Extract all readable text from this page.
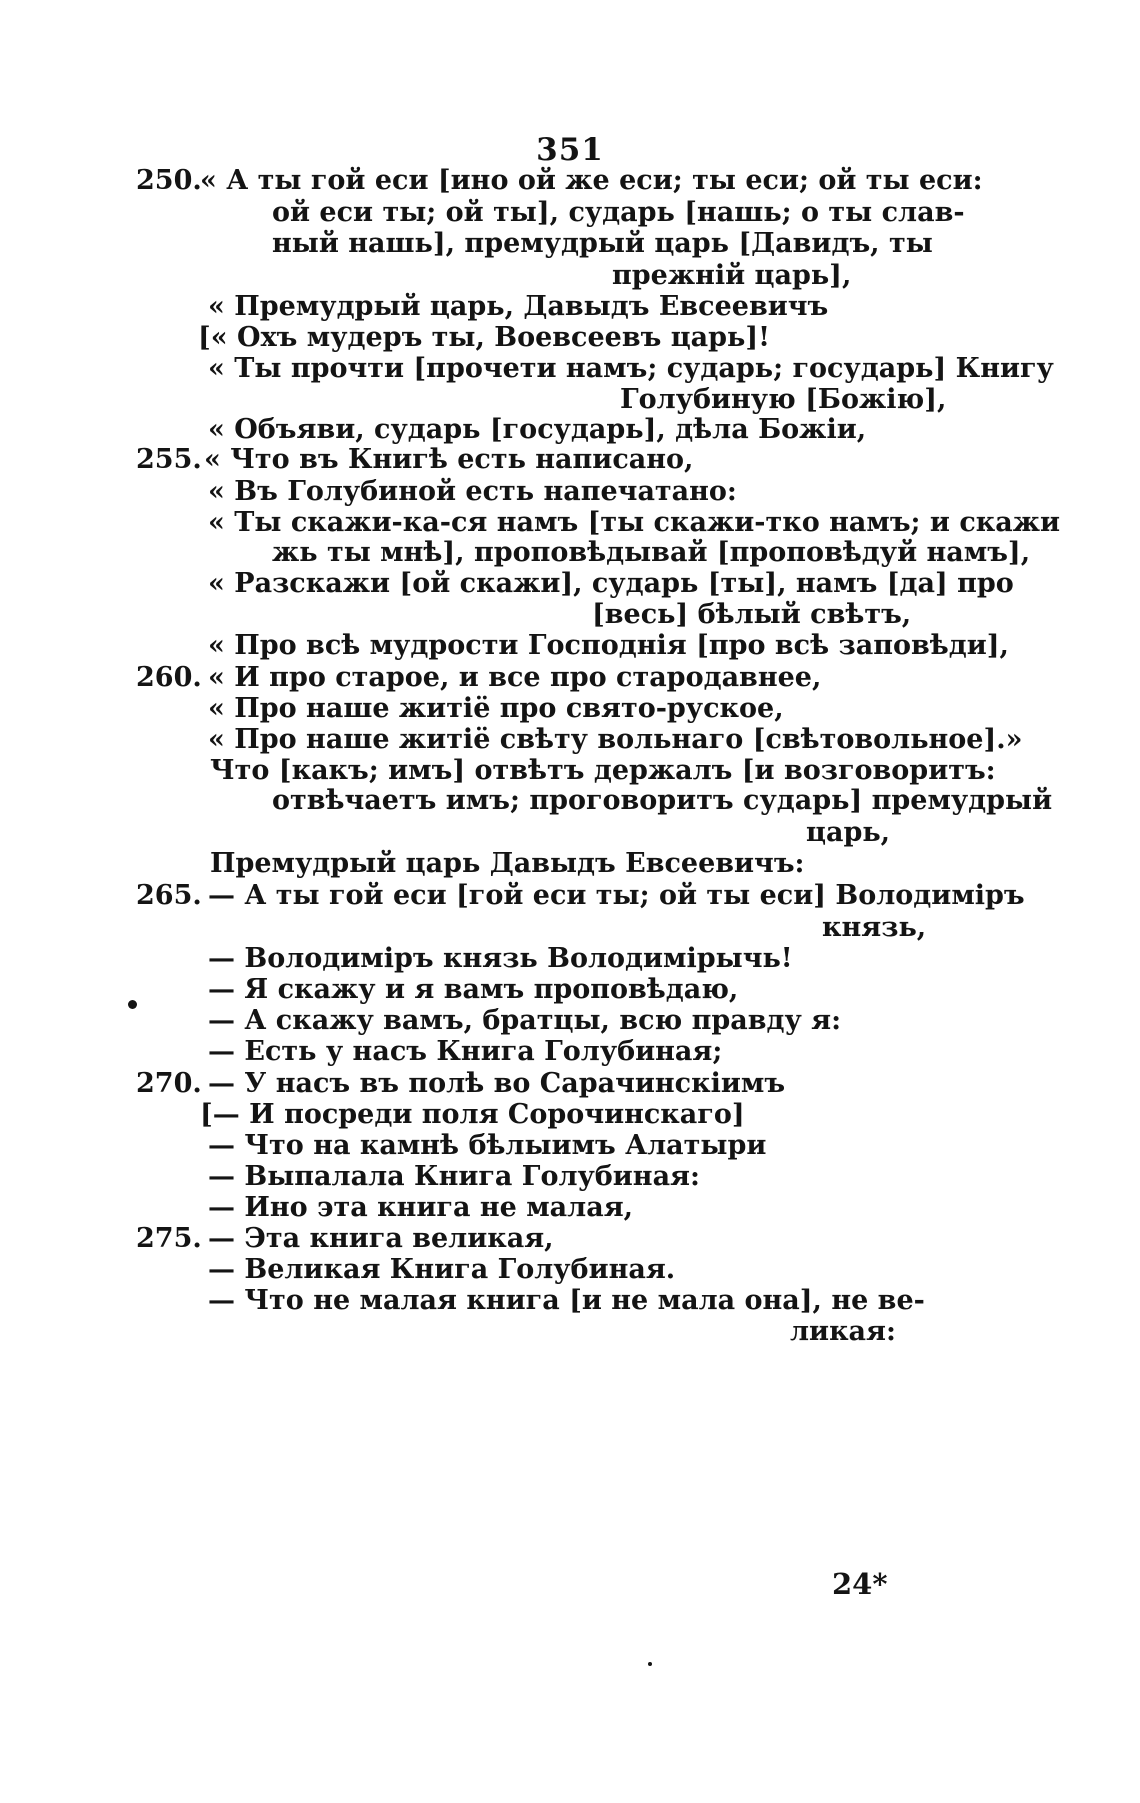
351
250.
255.
260.
265.
270.
275.
« А ты гой еси [ино ой же еси; ты еси; ой ты еси:
ой еси ты; ой ты], сударь [нашь; о ты слав-
ный нашь], премудрый царь [Давидъ, ты
прежній царь],
« Премудрый царь, Давыдъ Евсеевичъ
[« Охъ мудеръ ты, Воевсеевъ царь]!
« Ты прочти [прочети намъ; сударь; государь] Книгу
Голубиную [Божію],
« Объяви, сударь [государь], дѣла Божіи,
« Что въ Книгѣ есть написано,
« Въ Голубиной есть напечатано:
« Ты скажи-ка-ся намъ [ты скажи-тко намъ; и скажи
жь ты мнѣ], проповѣдывай [проповѣдуй намъ],
« Разскажи [ой скажи], сударь [ты], намъ [да] про
[весь] бѣлый свѣтъ,
« Про всѣ мудрости Господнія [про всѣ заповѣди],
« И про старое, и все про стародавнее,
« Про наше житіё про свято-руское,
« Про наше житіё свѣту вольнаго [свѣтовольное].»
Что [какъ; имъ] отвѣтъ держалъ [и возговоритъ:
отвѣчаетъ имъ; проговоритъ сударь] премудрый
царь,
Премудрый царь Давыдъ Евсеевичъ:
— А ты гой еси [гой еси ты; ой ты еси] Володимiръ
князь,
— Володимiръ князь Володимiрычь!
— Я скажу и я вамъ проповѣдаю,
— А скажу вамъ, братцы, всю правду я:
— Есть у насъ Книга Голубиная;
— У насъ въ полѣ во Сарачинскіимъ
[— И посреди поля Сорочинскаго]
— Что на камнѣ бѣлыимъ Алатыри
— Выпалала Книга Голубиная:
— Ино эта книга не малая,
— Эта книга великая,
— Великая Книга Голубиная.
— Что не малая книга [и не мала она], не ве-
ликая:
24*
